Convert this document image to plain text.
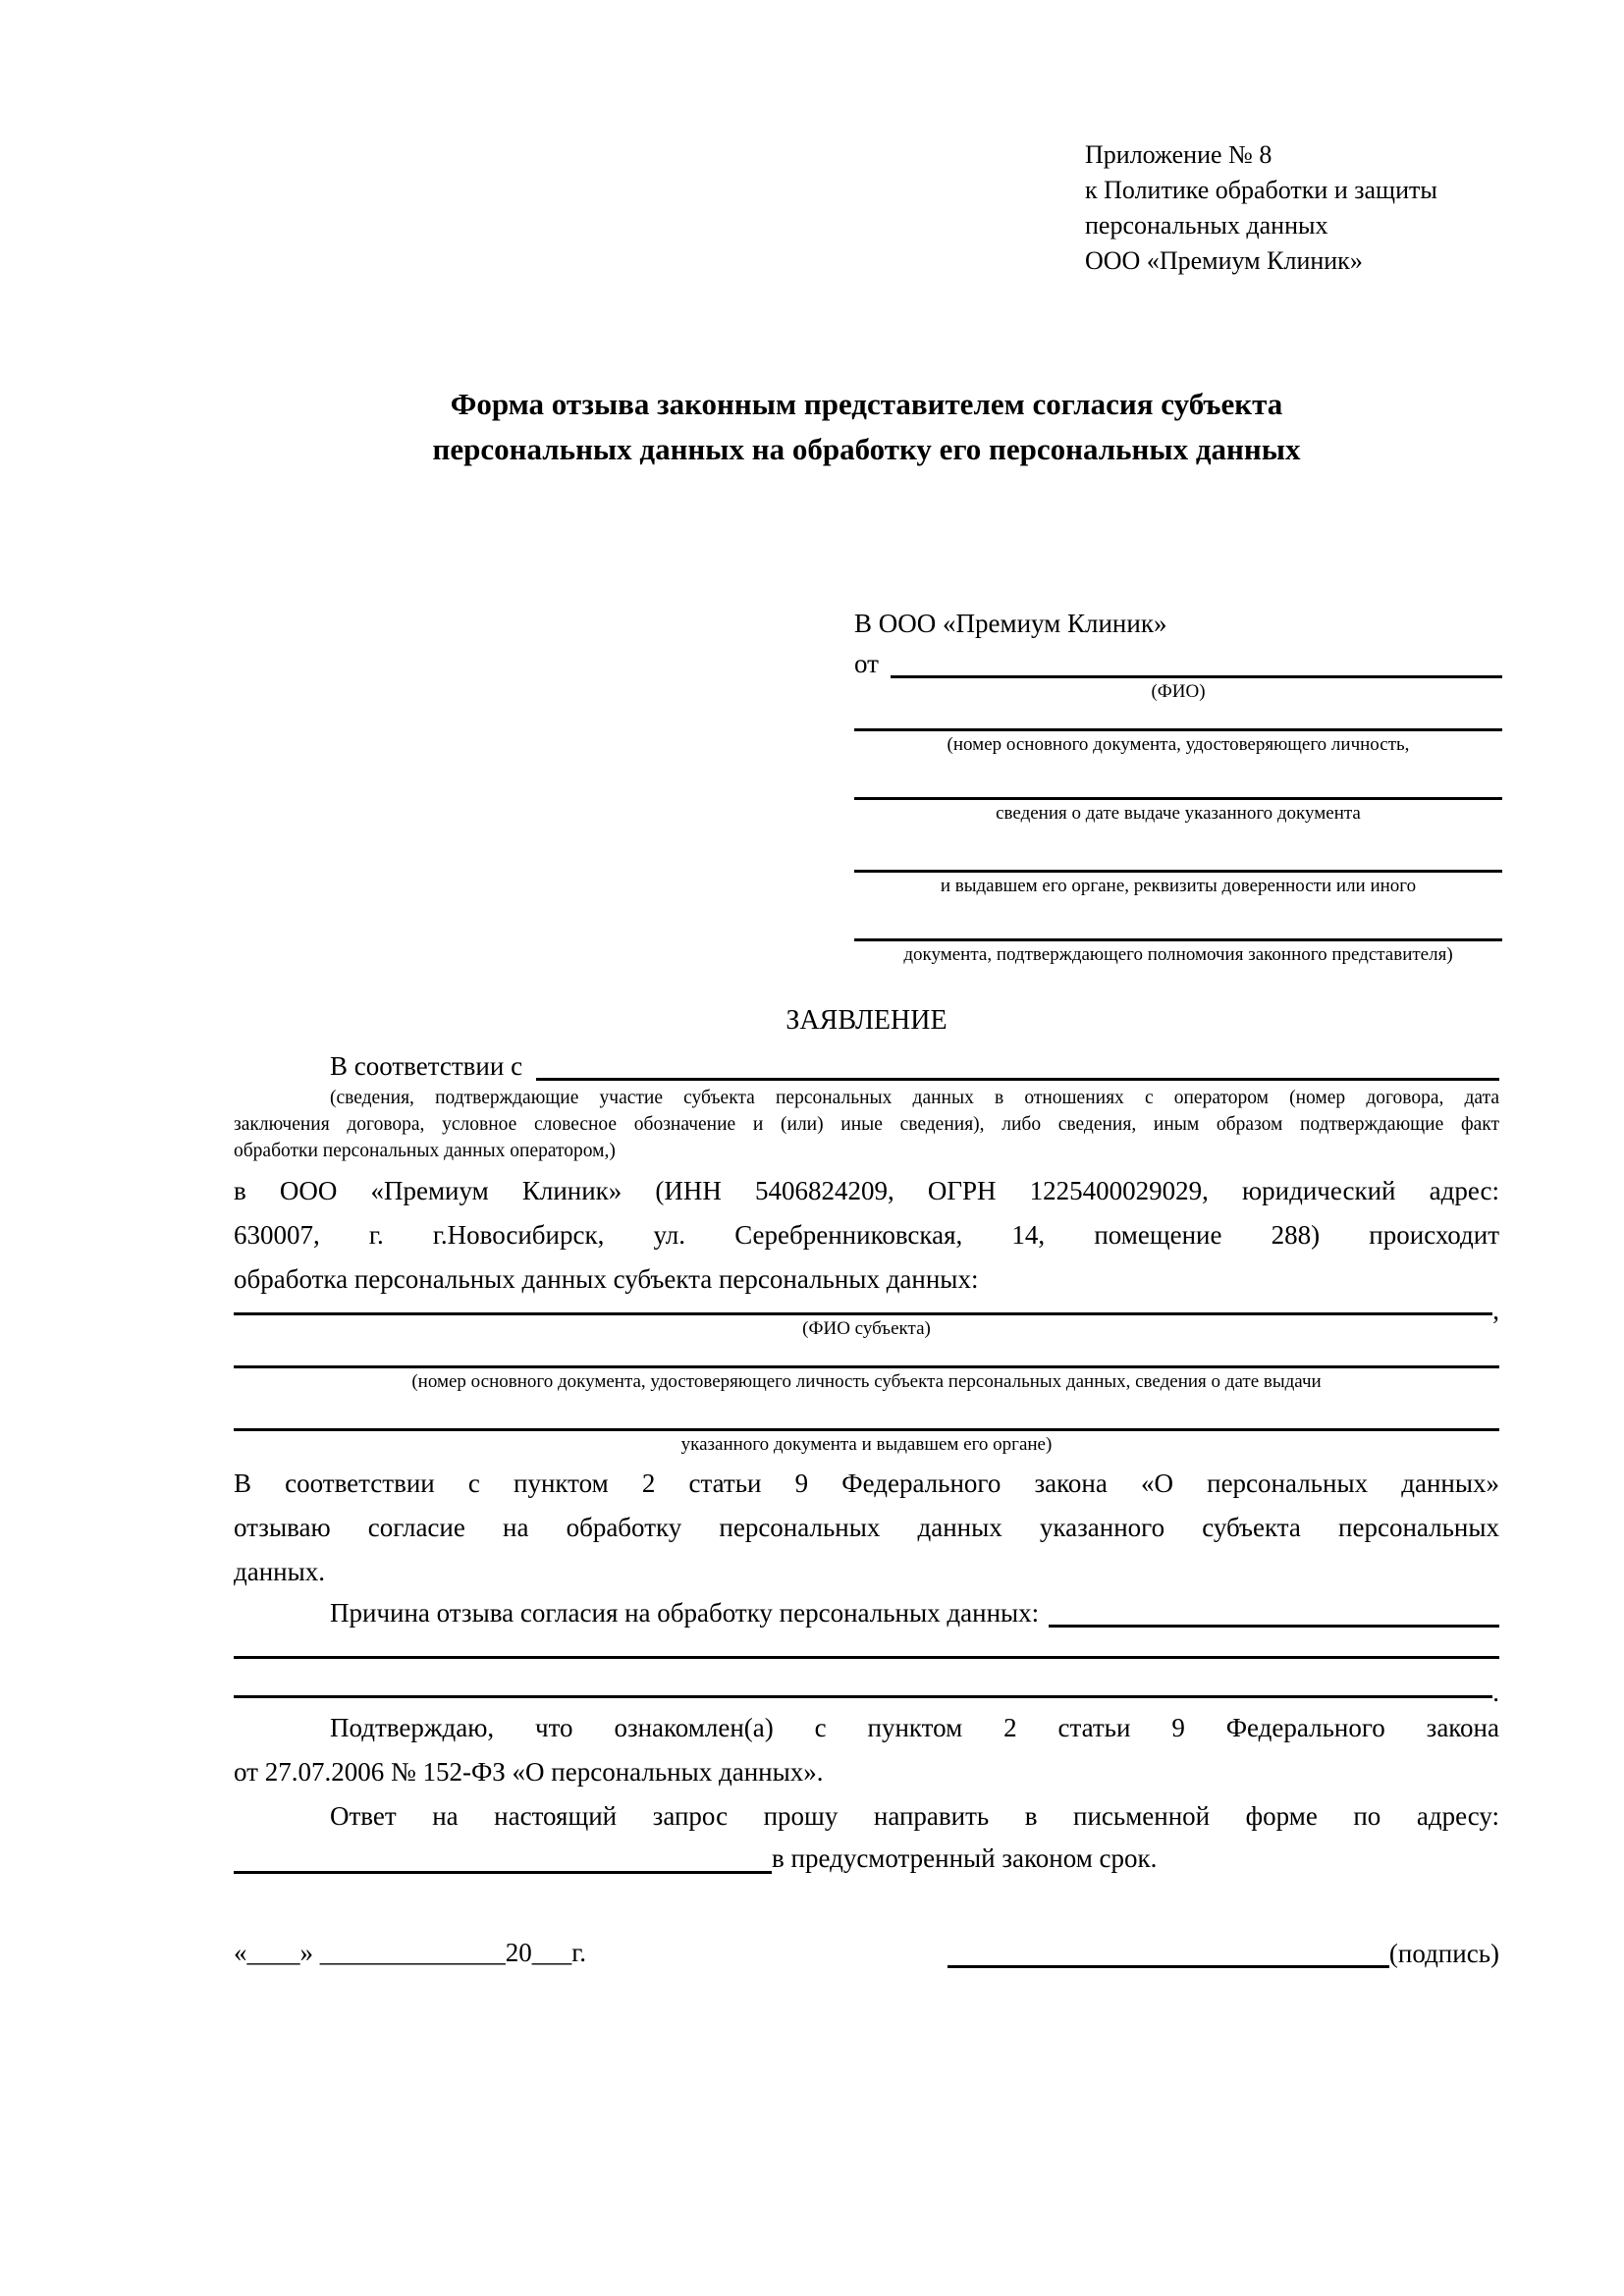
Приложение № 8
к Политике обработки и защиты
персональных данных
ООО «Премиум Клиник»
Форма отзыва законным представителем согласия субъекта
персональных данных на обработку его персональных данных
В ООО «Премиум Клиник»
от
(ФИО)
(номер основного документа, удостоверяющего личность,
сведения о дате выдаче указанного документа
и выдавшем его органе, реквизиты доверенности или иного
документа, подтверждающего полномочия законного представителя)
ЗАЯВЛЕНИЕ
В соответствии с
(сведения, подтверждающие участие субъекта персональных данных в отношениях с оператором (номер договора, дата
заключения договора, условное словесное обозначение и (или) иные сведения), либо сведения, иным образом подтверждающие факт
обработки персональных данных оператором,)
в ООО «Премиум Клиник» (ИНН 5406824209, ОГРН 1225400029029, юридический адрес:
630007, г. г.Новосибирск, ул. Серебренниковская, 14, помещение 288) происходит
обработка персональных данных субъекта персональных данных:
,
(ФИО субъекта)
(номер основного документа, удостоверяющего личность субъекта персональных данных, сведения о дате выдачи
указанного документа и выдавшем его органе)
В соответствии с пунктом 2 статьи 9 Федерального закона «О персональных данных»
отзываю согласие на обработку персональных данных указанного субъекта персональных
данных.
Причина отзыва согласия на обработку персональных данных:
.
Подтверждаю, что ознакомлен(а) с пунктом 2 статьи 9 Федерального закона
от 27.07.2006 № 152-ФЗ «О персональных данных».
Ответ на настоящий запрос прошу направить в письменной форме по адресу:
в предусмотренный законом срок.
«____» ______________20___г.	(подпись)
